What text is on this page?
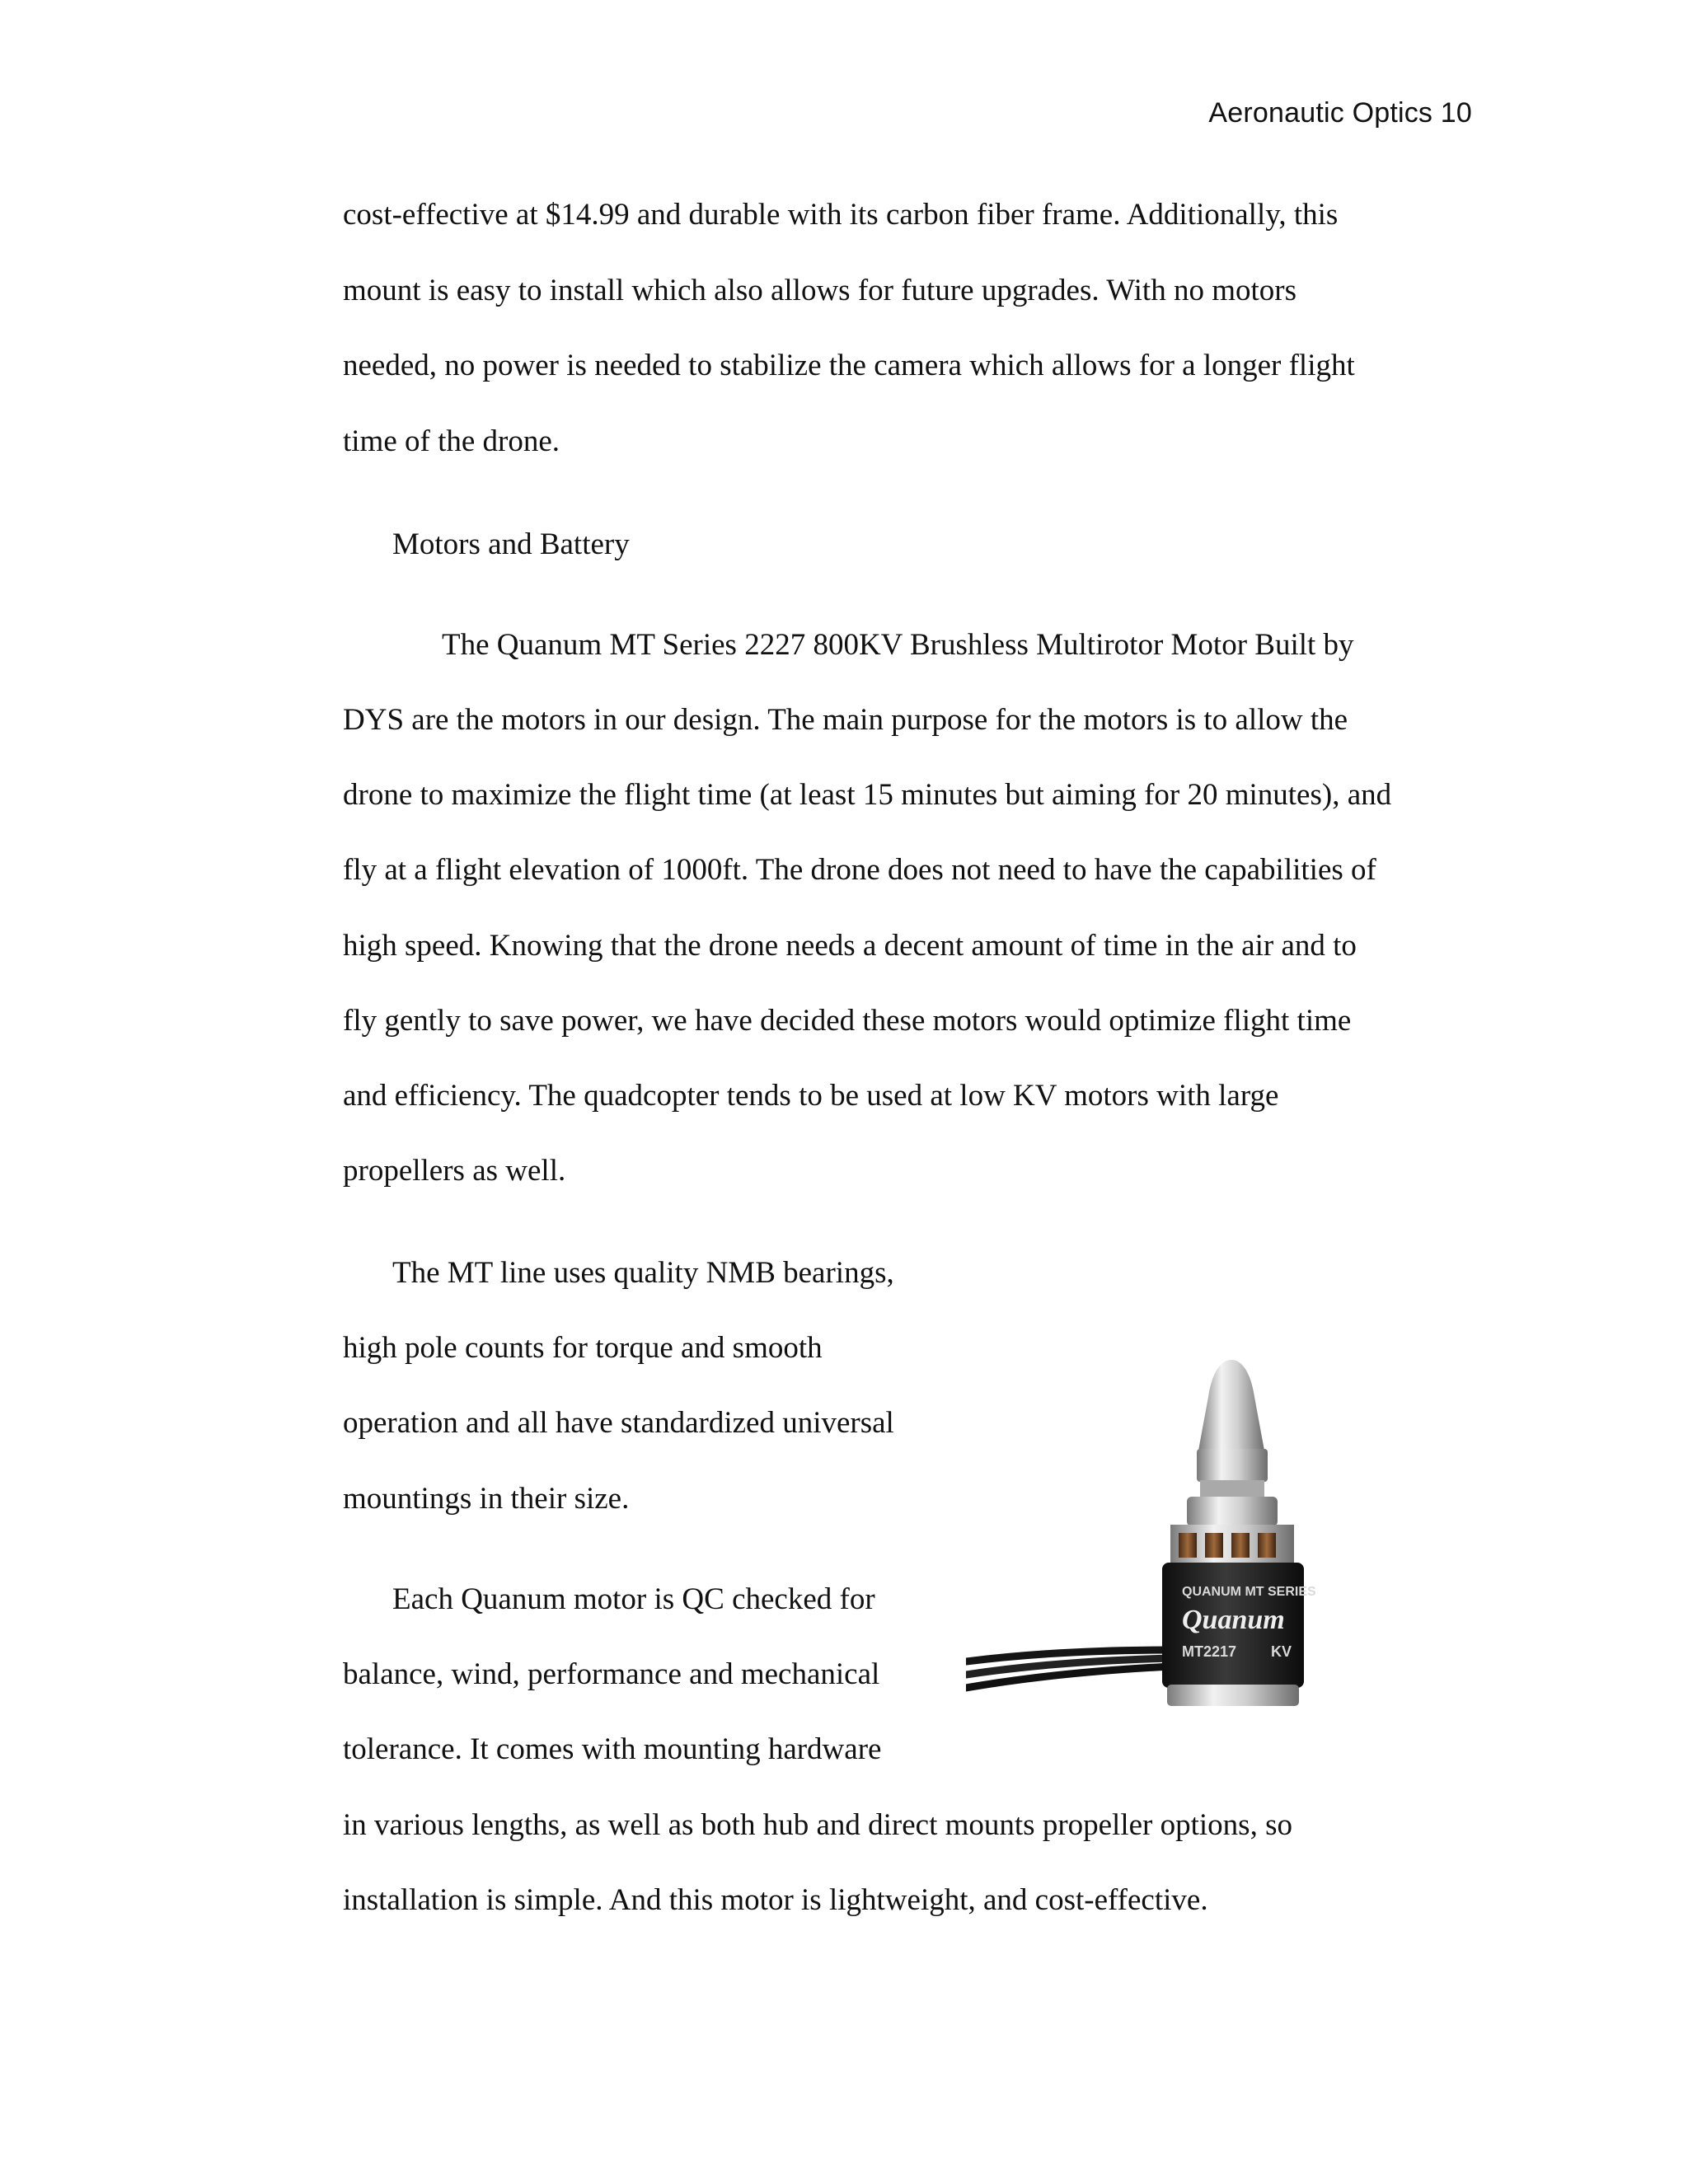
Aeronautic Optics 10
cost-effective at $14.99 and durable with its carbon fiber frame. Additionally, this
mount is easy to install which also allows for future upgrades. With no motors
needed, no power is needed to stabilize the camera which allows for a longer flight
time of the drone.
Motors and Battery
The Quanum MT Series 2227 800KV Brushless Multirotor Motor Built by
DYS are the motors in our design. The main purpose for the motors is to allow the
drone to maximize the flight time (at least 15 minutes but aiming for 20 minutes), and
fly at a flight elevation of 1000ft. The drone does not need to have the capabilities of
high speed. Knowing that the drone needs a decent amount of time in the air and to
fly gently to save power, we have decided these motors would optimize flight time
and efficiency. The quadcopter tends to be used at low KV motors with large
propellers as well.
The MT line uses quality NMB bearings,
high pole counts for torque and smooth
operation and all have standardized universal
mountings in their size.
Each Quanum motor is QC checked for
balance, wind, performance and mechanical
tolerance. It comes with mounting hardware
in various lengths, as well as both hub and direct mounts propeller options, so
installation is simple. And this motor is lightweight, and cost-effective.
QUANUM MT SERIES
Quanum
MT2217 KV
